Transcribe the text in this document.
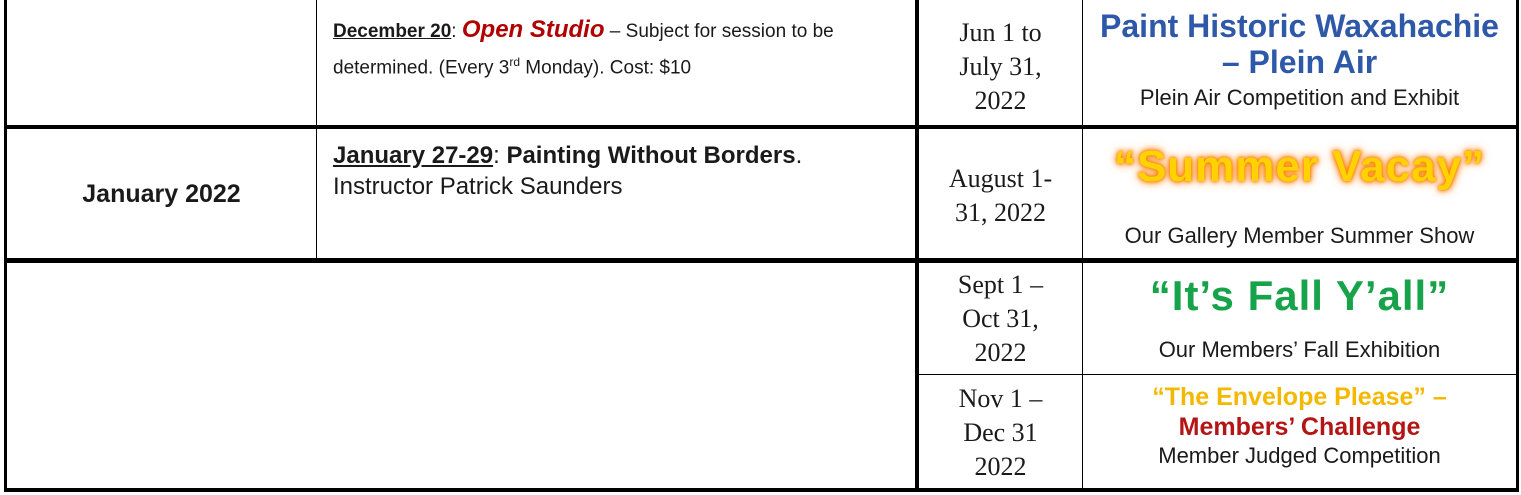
December 20: Open Studio – Subject for session to be determined. (Every 3rd Monday). Cost: $10
Jun 1 to
July 31,
2022
Paint Historic Waxahachie
– Plein Air
Plein Air Competition and Exhibit
January 2022
January 27-29: Painting Without Borders.
Instructor Patrick Saunders	August 1-
31, 2022
“Summer Vacay”
Our Gallery Member Summer Show
Sept 1 –
Oct 31,
2022
“It’s Fall Y’all”
Our Members’ Fall Exhibition
Nov 1 –
Dec 31
2022
“The Envelope Please” –
Members’ Challenge
Member Judged Competition
